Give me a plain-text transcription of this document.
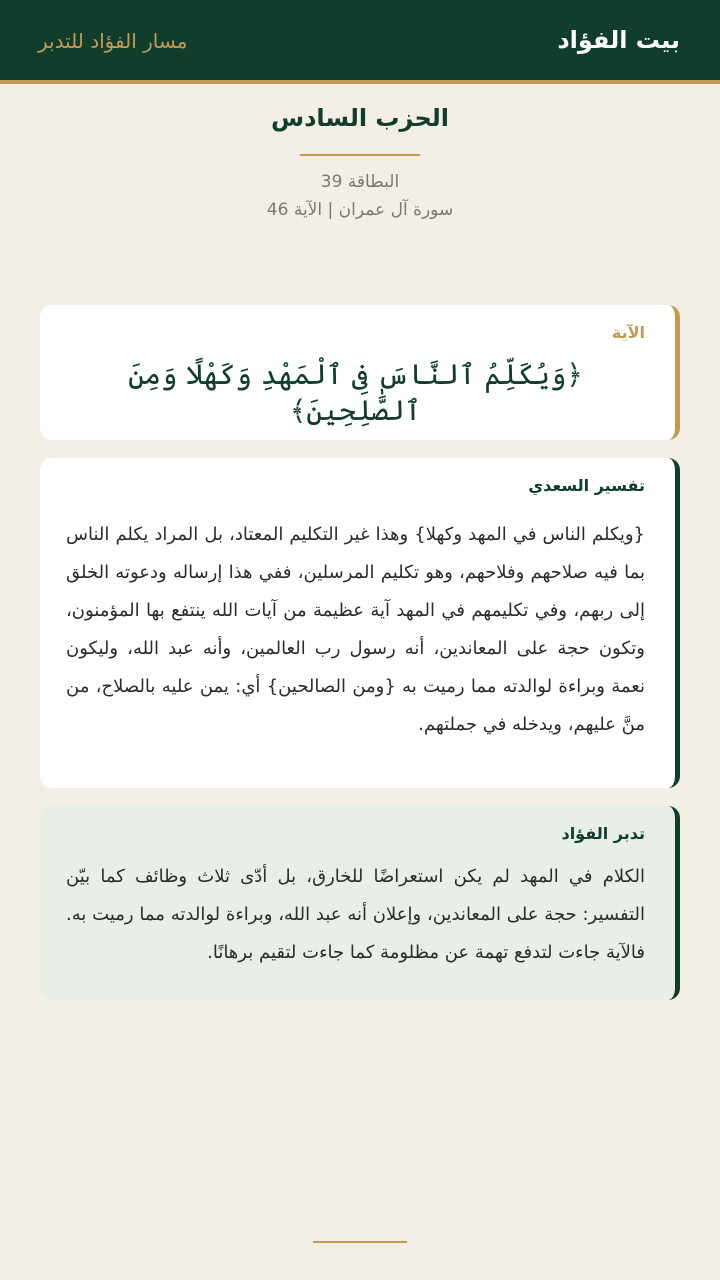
بيت الفؤاد
مسار الفؤاد للتدبر
الحزب السادس
البطاقة 39
سورة آل عمران | الآية 46
الآية
﴿وَيُكَلِّمُ ٱلنَّاسَ فِى ٱلْمَهْدِ وَكَهْلًا وَمِنَ ٱلصَّٰلِحِينَ﴾
تفسير السعدي
{ويكلم الناس في المهد وكهلا} وهذا غير التكليم المعتاد، بل المراد يكلم الناس بما فيه صلاحهم وفلاحهم، وهو تكليم المرسلين، ففي هذا إرساله ودعوته الخلق إلى ربهم، وفي تكليمهم في المهد آية عظيمة من آيات الله ينتفع بها المؤمنون، وتكون حجة على المعاندين، أنه رسول رب العالمين، وأنه عبد الله، وليكون نعمة وبراءة لوالدته مما رميت به {ومن الصالحين} أي: يمن عليه بالصلاح، من منَّ عليهم، ويدخله في جملتهم.
تدبر الفؤاد
الكلام في المهد لم يكن استعراضًا للخارق، بل أدّى ثلاث وظائف كما بيّن التفسير: حجة على المعاندين، وإعلان أنه عبد الله، وبراءة لوالدته مما رميت به. فالآية جاءت لتدفع تهمة عن مظلومة كما جاءت لتقيم برهانًا.
